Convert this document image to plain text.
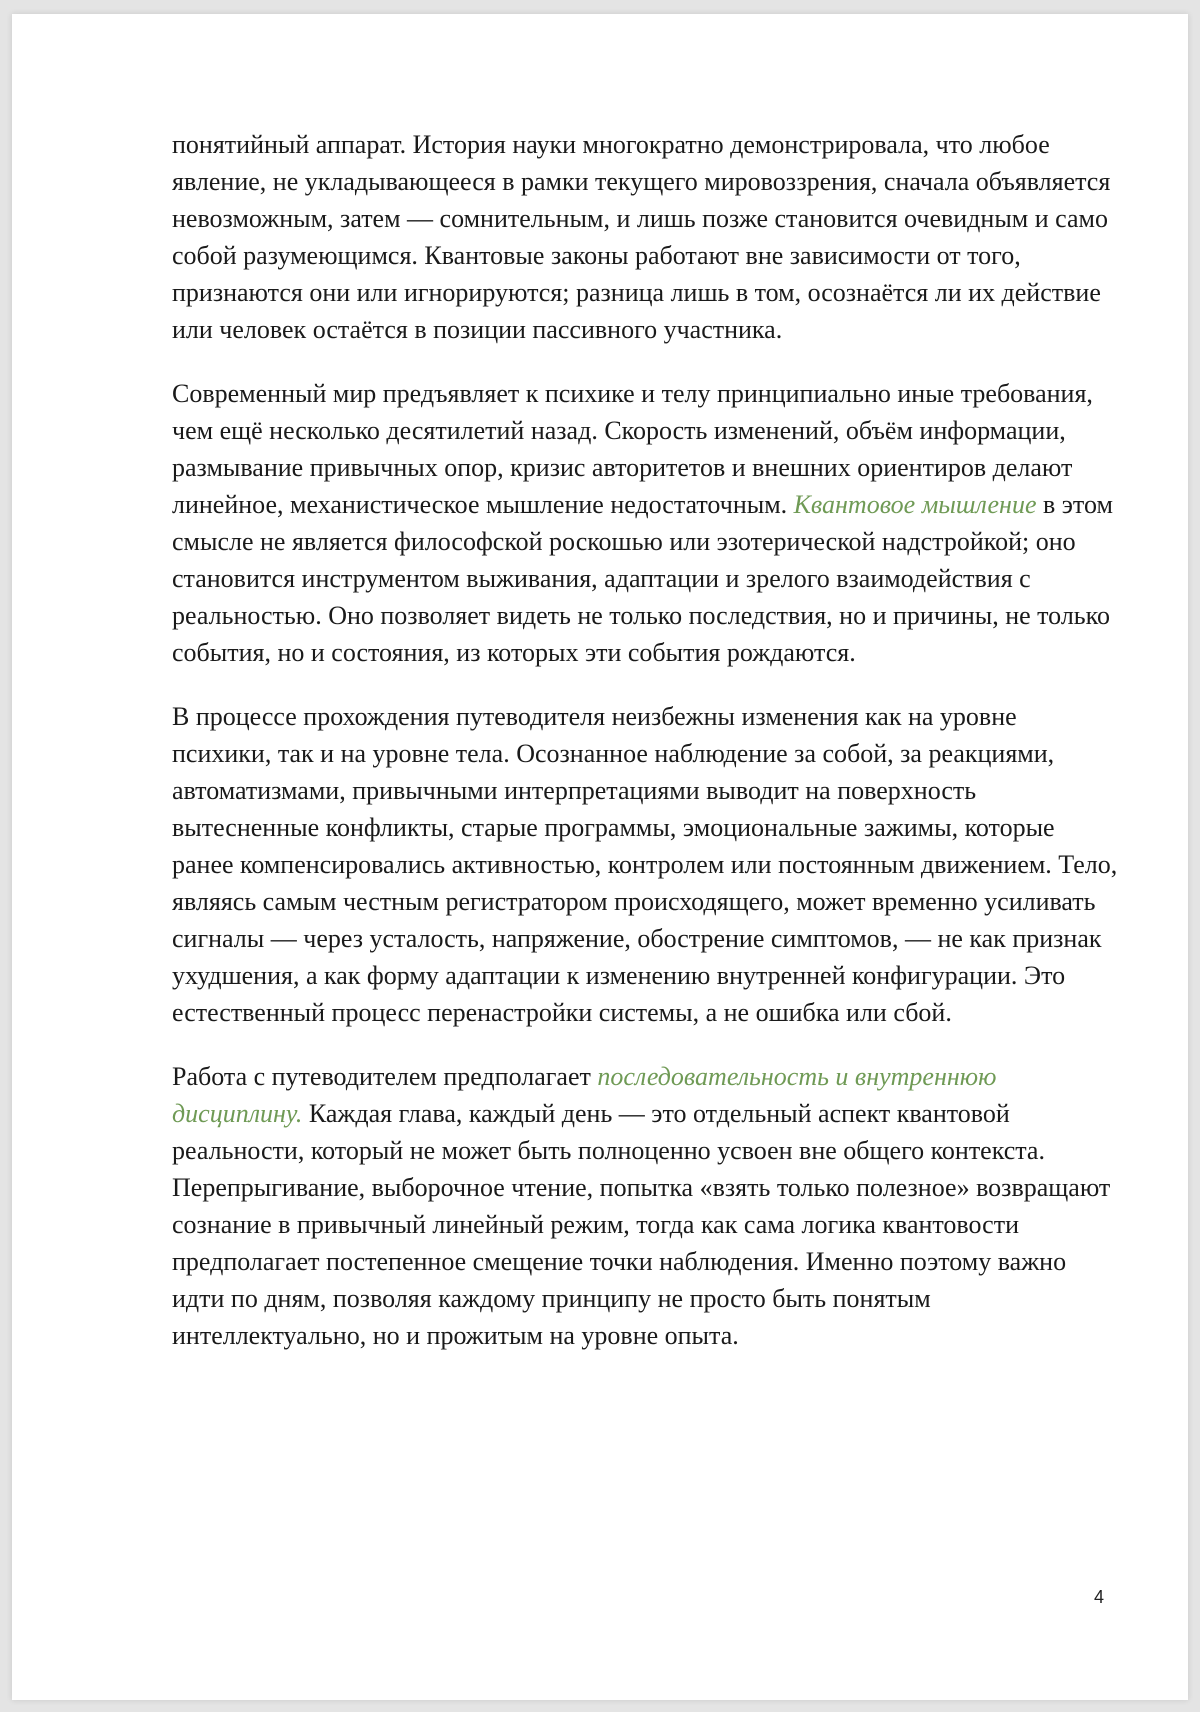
понятийный аппарат. История науки многократно демонстрировала, что любое явление, не укладывающееся в рамки текущего мировоззрения, сначала объявляется невозможным, затем — сомнительным, и лишь позже становится очевидным и само собой разумеющимся. Квантовые законы работают вне зависимости от того, признаются они или игнорируются; разница лишь в том, осознаётся ли их действие или человек остаётся в позиции пассивного участника.

Современный мир предъявляет к психике и телу принципиально иные требования, чем ещё несколько десятилетий назад. Скорость изменений, объём информации, размывание привычных опор, кризис авторитетов и внешних ориентиров делают линейное, механистическое мышление недостаточным. Квантовое мышление в этом смысле не является философской роскошью или эзотерической надстройкой; оно становится инструментом выживания, адаптации и зрелого взаимодействия с реальностью. Оно позволяет видеть не только последствия, но и причины, не только события, но и состояния, из которых эти события рождаются.

В процессе прохождения путеводителя неизбежны изменения как на уровне психики, так и на уровне тела. Осознанное наблюдение за собой, за реакциями, автоматизмами, привычными интерпретациями выводит на поверхность вытесненные конфликты, старые программы, эмоциональные зажимы, которые ранее компенсировались активностью, контролем или постоянным движением. Тело, являясь самым честным регистратором происходящего, может временно усиливать сигналы — через усталость, напряжение, обострение симптомов, — не как признак ухудшения, а как форму адаптации к изменению внутренней конфигурации. Это естественный процесс перенастройки системы, а не ошибка или сбой.

Работа с путеводителем предполагает последовательность и внутреннюю дисциплину. Каждая глава, каждый день — это отдельный аспект квантовой реальности, который не может быть полноценно усвоен вне общего контекста. Перепрыгивание, выборочное чтение, попытка «взять только полезное» возвращают сознание в привычный линейный режим, тогда как сама логика квантовости предполагает постепенное смещение точки наблюдения. Именно поэтому важно идти по дням, позволяя каждому принципу не просто быть понятым интеллектуально, но и прожитым на уровне опыта.

4
